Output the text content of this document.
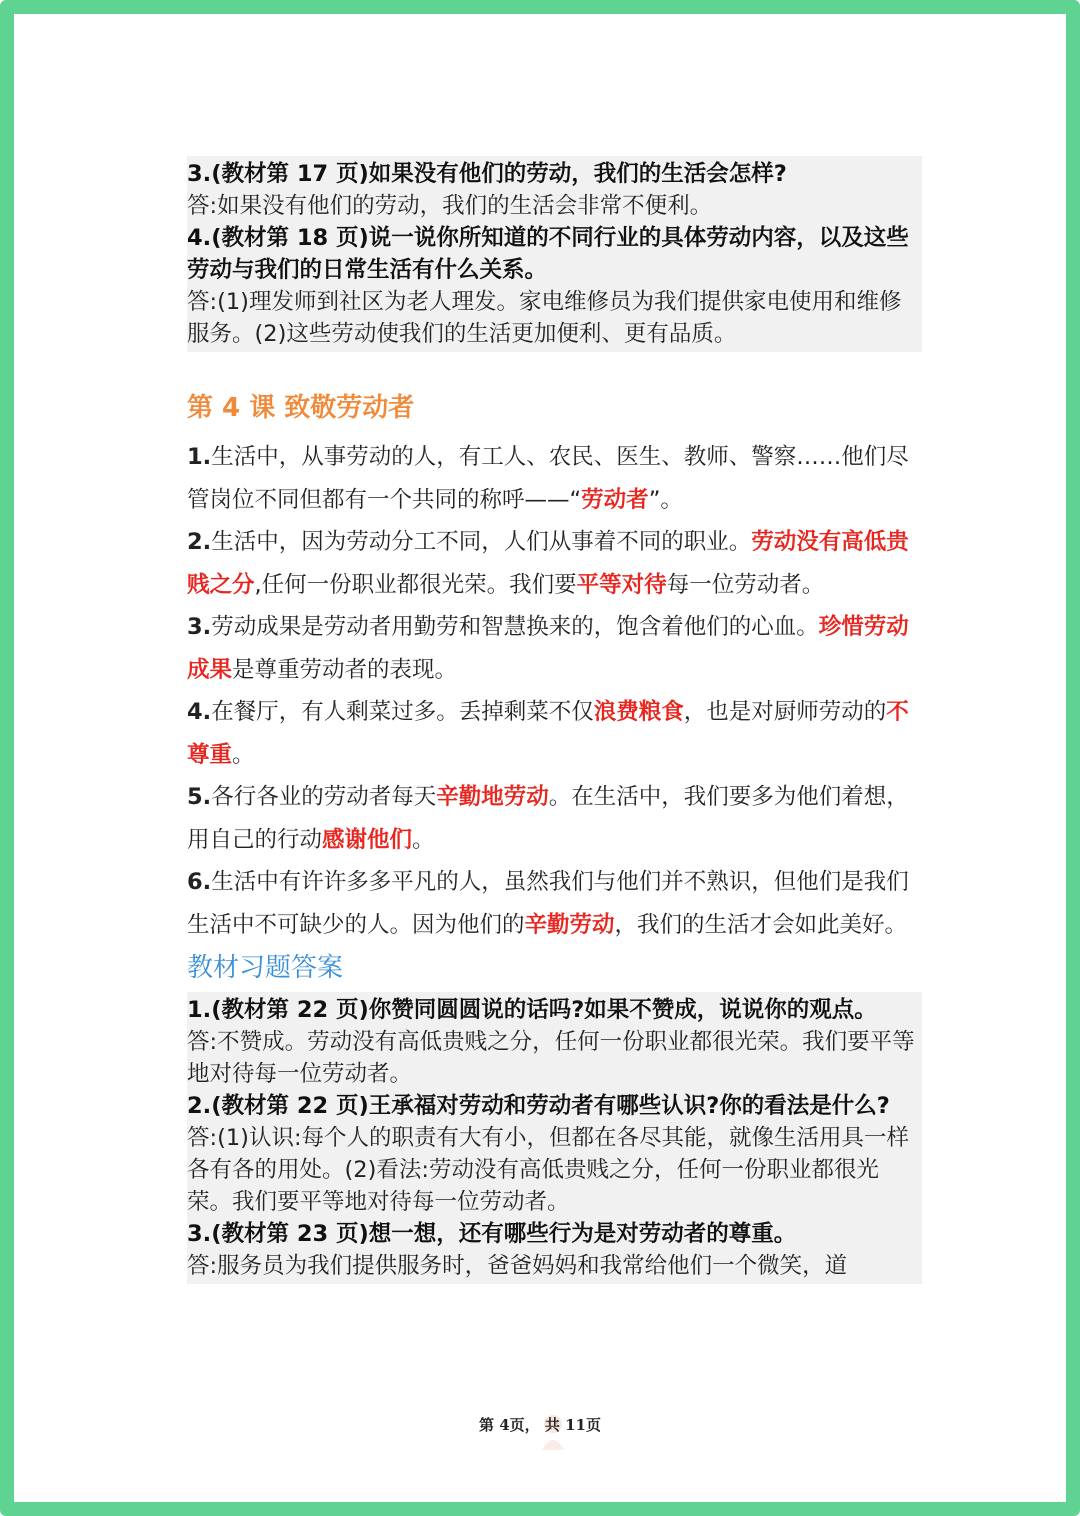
3.(教材第 17 页)如果没有他们的劳动，我们的生活会怎样?

答:如果没有他们的劳动，我们的生活会非常不便利。

4.(教材第 18 页)说一说你所知道的不同行业的具体劳动内容，以及这些劳动与我们的日常生活有什么关系。

答:(1)理发师到社区为老人理发。家电维修员为我们提供家电使用和维修服务。(2)这些劳动使我们的生活更加便利、更有品质。

第 4 课 致敬劳动者

1.生活中，从事劳动的人，有工人、农民、医生、教师、警察……他们尽管岗位不同但都有一个共同的称呼——“劳动者”。

2.生活中，因为劳动分工不同，人们从事着不同的职业。劳动没有高低贵贱之分,任何一份职业都很光荣。我们要平等对待每一位劳动者。

3.劳动成果是劳动者用勤劳和智慧换来的，饱含着他们的心血。珍惜劳动成果是尊重劳动者的表现。

4.在餐厅，有人剩菜过多。丢掉剩菜不仅浪费粮食，也是对厨师劳动的不尊重。

5.各行各业的劳动者每天辛勤地劳动。在生活中，我们要多为他们着想，用自己的行动感谢他们。

6.生活中有许许多多平凡的人，虽然我们与他们并不熟识，但他们是我们生活中不可缺少的人。因为他们的辛勤劳动，我们的生活才会如此美好。

教材习题答案

1.(教材第 22 页)你赞同圆圆说的话吗?如果不赞成，说说你的观点。

答:不赞成。劳动没有高低贵贱之分，任何一份职业都很光荣。我们要平等地对待每一位劳动者。

2.(教材第 22 页)王承福对劳动和劳动者有哪些认识?你的看法是什么?

答:(1)认识:每个人的职责有大有小，但都在各尽其能，就像生活用具一样各有各的用处。(2)看法:劳动没有高低贵贱之分，任何一份职业都很光荣。我们要平等地对待每一位劳动者。

3.(教材第 23 页)想一想，还有哪些行为是对劳动者的尊重。

答:服务员为我们提供服务时，爸爸妈妈和我常给他们一个微笑，道

第 4页， 共 11页
